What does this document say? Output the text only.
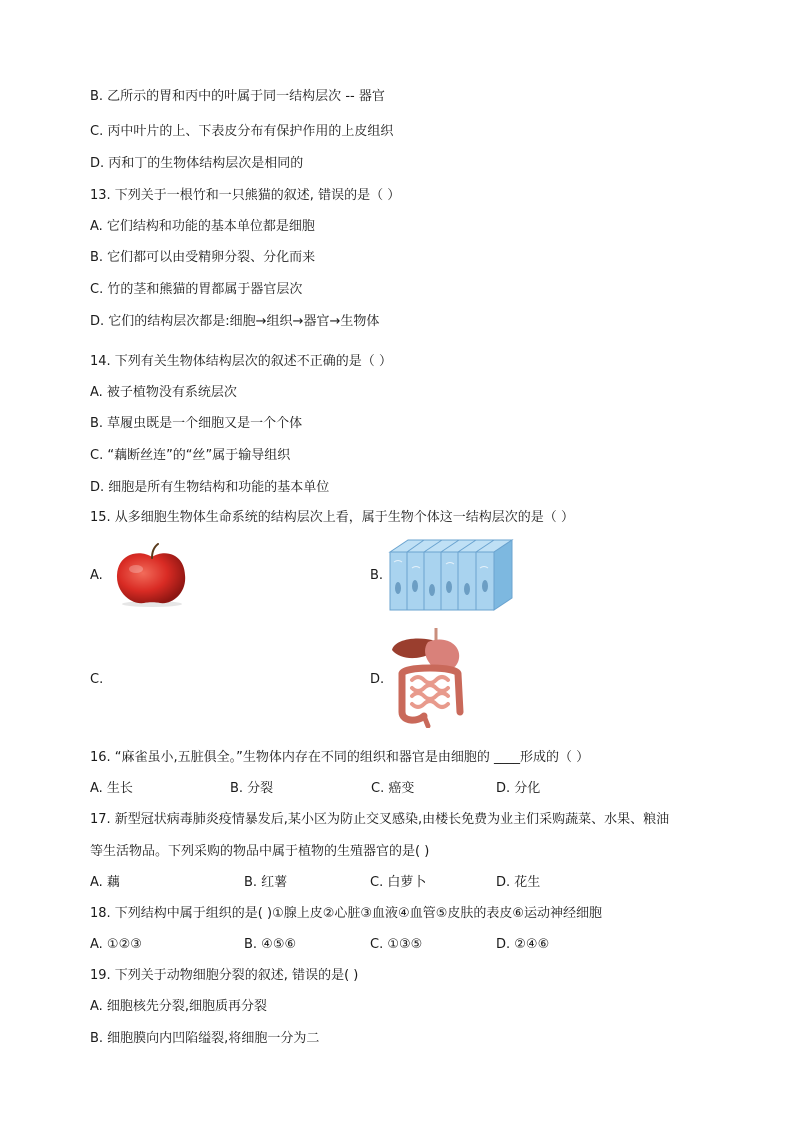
B. 乙所示的胃和丙中的叶属于同一结构层次 -- 器官
C. 丙中叶片的上、下表皮分布有保护作用的上皮组织
D. 丙和丁的生物体结构层次是相同的
13. 下列关于一根竹和一只熊猫的叙述, 错误的是（ ）
A. 它们结构和功能的基本单位都是细胞
B. 它们都可以由受精卵分裂、分化而来
C. 竹的茎和熊猫的胃都属于器官层次
D. 它们的结构层次都是:细胞→组织→器官→生物体
14. 下列有关生物体结构层次的叙述不正确的是（ ）
A. 被子植物没有系统层次
B. 草履虫既是一个细胞又是一个个体
C. “藕断丝连”的“丝”属于输导组织
D. 细胞是所有生物结构和功能的基本单位
15. 从多细胞生物体生命系统的结构层次上看，属于生物个体这一结构层次的是（ ）
A.	B.
C.	D.
16. “麻雀虽小,五脏俱全。”生物体内存在不同的组织和器官是由细胞的 ____形成的（ ）
A. 生长	B. 分裂	C. 癌变	D. 分化
17. 新型冠状病毒肺炎疫情暴发后,某小区为防止交叉感染,由楼长免费为业主们采购蔬菜、水果、粮油
等生活物品。下列采购的物品中属于植物的生殖器官的是( )
A. 藕	B. 红薯	C. 白萝卜	D. 花生
18. 下列结构中属于组织的是( )①腺上皮②心脏③血液④血管⑤皮肤的表皮⑥运动神经细胞
A. ①②③	B. ④⑤⑥	C. ①③⑤	D. ②④⑥
19. 下列关于动物细胞分裂的叙述, 错误的是( )
A. 细胞核先分裂,细胞质再分裂
B. 细胞膜向内凹陷缢裂,将细胞一分为二
